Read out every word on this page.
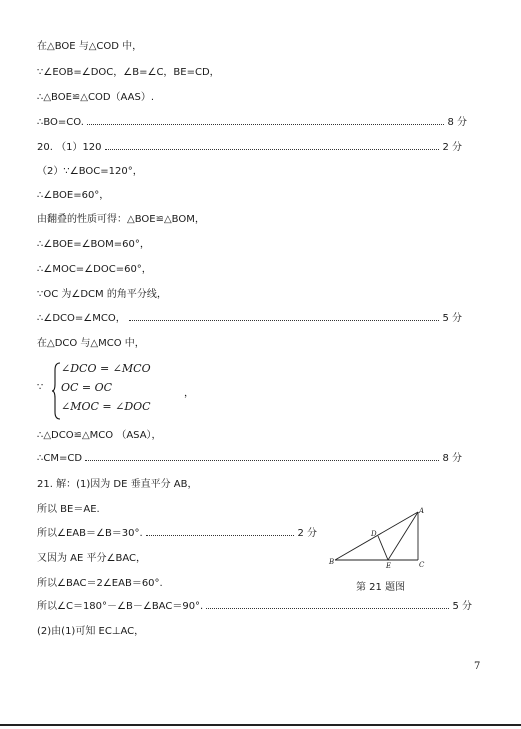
在△BOE 与△COD 中，
∵∠EOB=∠DOC，∠B=∠C，BE=CD，
∴△BOE≌△COD（AAS）.
∴BO=CO.	8 分
20. （1）120	2 分
（2）∵∠BOC=120°，
∴∠BOE=60°，
由翻叠的性质可得：△BOE≌△BOM，
∴∠BOE=∠BOM=60°，
∴∠MOC=∠DOC=60°，
∵OC 为∠DCM 的角平分线，
∴∠DCO=∠MCO，	5 分
在△DCO 与△MCO 中，
∵
∠DCO = ∠MCO
OC = OC
∠MOC = ∠DOC
，
∴△DCO≌△MCO （ASA），
∴CM=CD	8 分
21. 解：(1)因为 DE 垂直平分 AB，
所以 BE＝AE.
所以∠EAB＝∠B＝30°.	2 分
又因为 AE 平分∠BAC，
所以∠BAC＝2∠EAB＝60°.
所以∠C＝180°－∠B－∠BAC＝90°.	5 分
(2)由(1)可知 EC⊥AC，
A
B	C
D
E
第 21 题图
7
